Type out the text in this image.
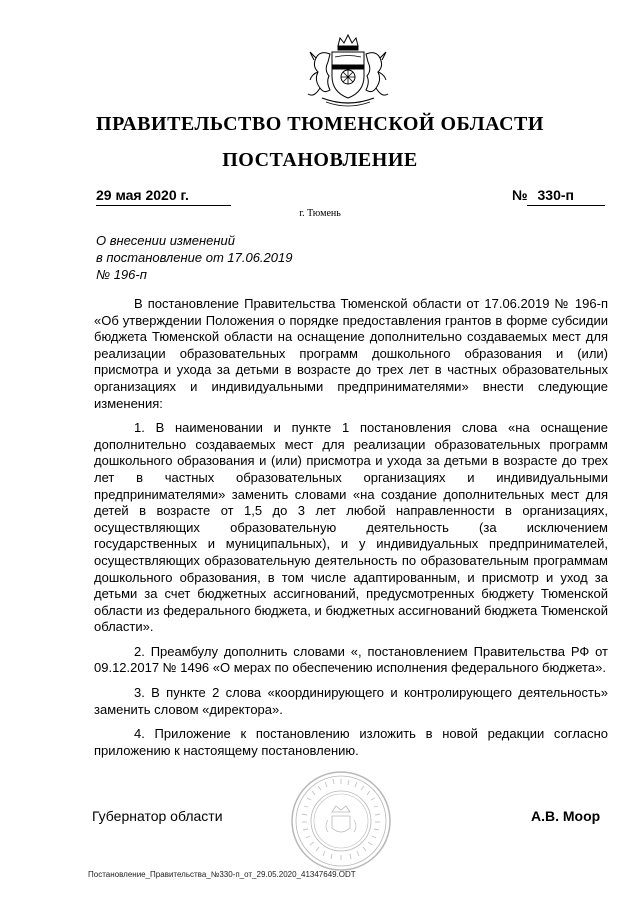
ПРАВИТЕЛЬСТВО ТЮМЕНСКОЙ ОБЛАСТИ
ПОСТАНОВЛЕНИЕ
29 мая 2020 г.	№ 330-п
г. Тюмень
О внесении изменений
в постановление от 17.06.2019
№ 196-п

В постановление Правительства Тюменской области от 17.06.2019 № 196-п «Об утверждении Положения о порядке предоставления грантов в форме субсидии бюджета Тюменской области на оснащение дополнительно создаваемых мест для реализации образовательных программ дошкольного образования и (или) присмотра и ухода за детьми в возрасте до трех лет в частных образовательных организациях и индивидуальными предпринимателями» внести следующие изменения:

1. В наименовании и пункте 1 постановления слова «на оснащение дополнительно создаваемых мест для реализации образовательных программ дошкольного образования и (или) присмотра и ухода за детьми в возрасте до трех лет в частных образовательных организациях и индивидуальными предпринимателями» заменить словами «на создание дополнительных мест для детей в возрасте от 1,5 до 3 лет любой направленности в организациях, осуществляющих образовательную деятельность (за исключением государственных и муниципальных), и у индивидуальных предпринимателей, осуществляющих образовательную деятельность по образовательным программам дошкольного образования, в том числе адаптированным, и присмотр и уход за детьми за счет бюджетных ассигнований, предусмотренных бюджету Тюменской области из федерального бюджета, и бюджетных ассигнований бюджета Тюменской области».

2. Преамбулу дополнить словами «, постановлением Правительства РФ от 09.12.2017 № 1496 «О мерах по обеспечению исполнения федерального бюджета».

3. В пункте 2 слова «координирующего и контролирующего деятельность» заменить словом «директора».

4. Приложение к постановлению изложить в новой редакции согласно приложению к настоящему постановлению.

Губернатор области	А.В. Моор
Постановление_Правительства_№330-п_от_29.05.2020_41347649.ODT
